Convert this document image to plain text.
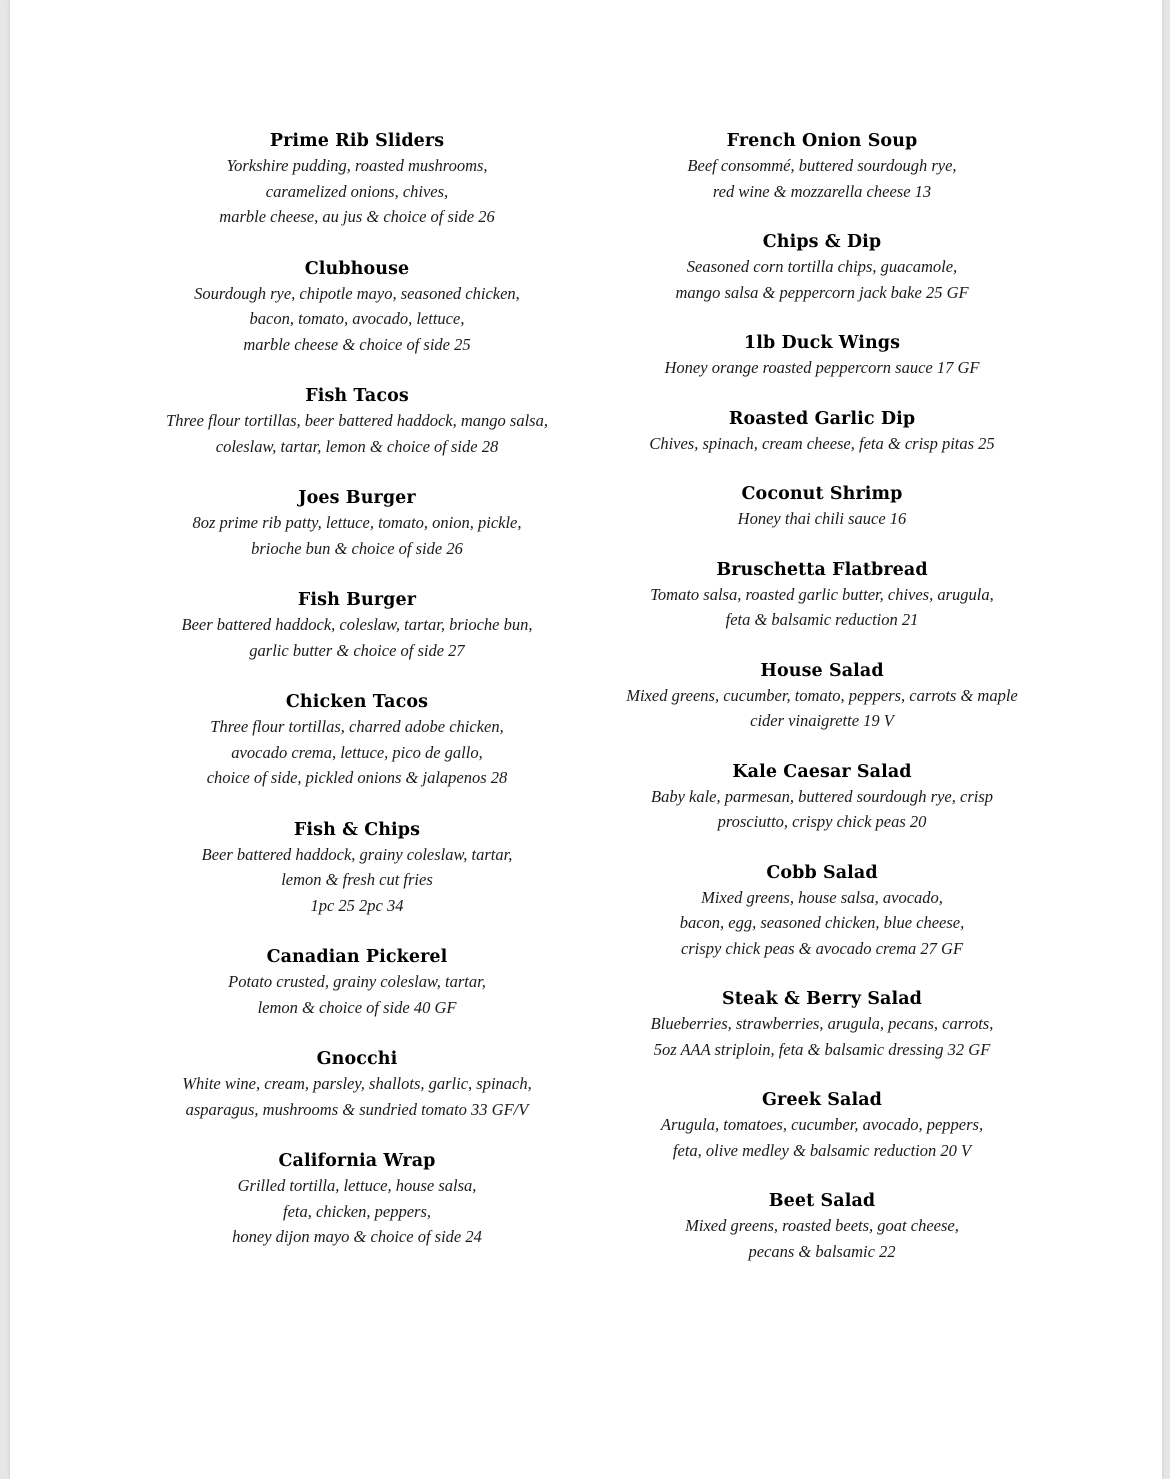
Prime Rib Sliders
Yorkshire pudding, roasted mushrooms,
caramelized onions, chives,
marble cheese, au jus & choice of side 26
Clubhouse
Sourdough rye, chipotle mayo, seasoned chicken,
bacon, tomato, avocado, lettuce,
marble cheese & choice of side 25
Fish Tacos
Three flour tortillas, beer battered haddock, mango salsa,
coleslaw, tartar, lemon & choice of side 28
Joes Burger
8oz prime rib patty, lettuce, tomato, onion, pickle,
brioche bun & choice of side 26
Fish Burger
Beer battered haddock, coleslaw, tartar, brioche bun,
garlic butter & choice of side 27
Chicken Tacos
Three flour tortillas, charred adobe chicken,
avocado crema, lettuce, pico de gallo,
choice of side, pickled onions & jalapenos 28
Fish & Chips
Beer battered haddock, grainy coleslaw, tartar,
lemon & fresh cut fries
1pc 25 2pc 34
Canadian Pickerel
Potato crusted, grainy coleslaw, tartar,
lemon & choice of side 40 GF
Gnocchi
White wine, cream, parsley, shallots, garlic, spinach,
asparagus, mushrooms & sundried tomato 33 GF/V
California Wrap
Grilled tortilla, lettuce, house salsa,
feta, chicken, peppers,
honey dijon mayo & choice of side 24
French Onion Soup
Beef consommé, buttered sourdough rye,
red wine & mozzarella cheese 13
Chips & Dip
Seasoned corn tortilla chips, guacamole,
mango salsa & peppercorn jack bake 25 GF
1lb Duck Wings
Honey orange roasted peppercorn sauce 17 GF
Roasted Garlic Dip
Chives, spinach, cream cheese, feta & crisp pitas 25
Coconut Shrimp
Honey thai chili sauce 16
Bruschetta Flatbread
Tomato salsa, roasted garlic butter, chives, arugula,
feta & balsamic reduction 21
House Salad
Mixed greens, cucumber, tomato, peppers, carrots & maple
cider vinaigrette 19 V
Kale Caesar Salad
Baby kale, parmesan, buttered sourdough rye, crisp
prosciutto, crispy chick peas 20
Cobb Salad
Mixed greens, house salsa, avocado,
bacon, egg, seasoned chicken, blue cheese,
crispy chick peas & avocado crema 27 GF
Steak & Berry Salad
Blueberries, strawberries, arugula, pecans, carrots,
5oz AAA striploin, feta & balsamic dressing 32 GF
Greek Salad
Arugula, tomatoes, cucumber, avocado, peppers,
feta, olive medley & balsamic reduction 20 V
Beet Salad
Mixed greens, roasted beets, goat cheese,
pecans & balsamic 22
